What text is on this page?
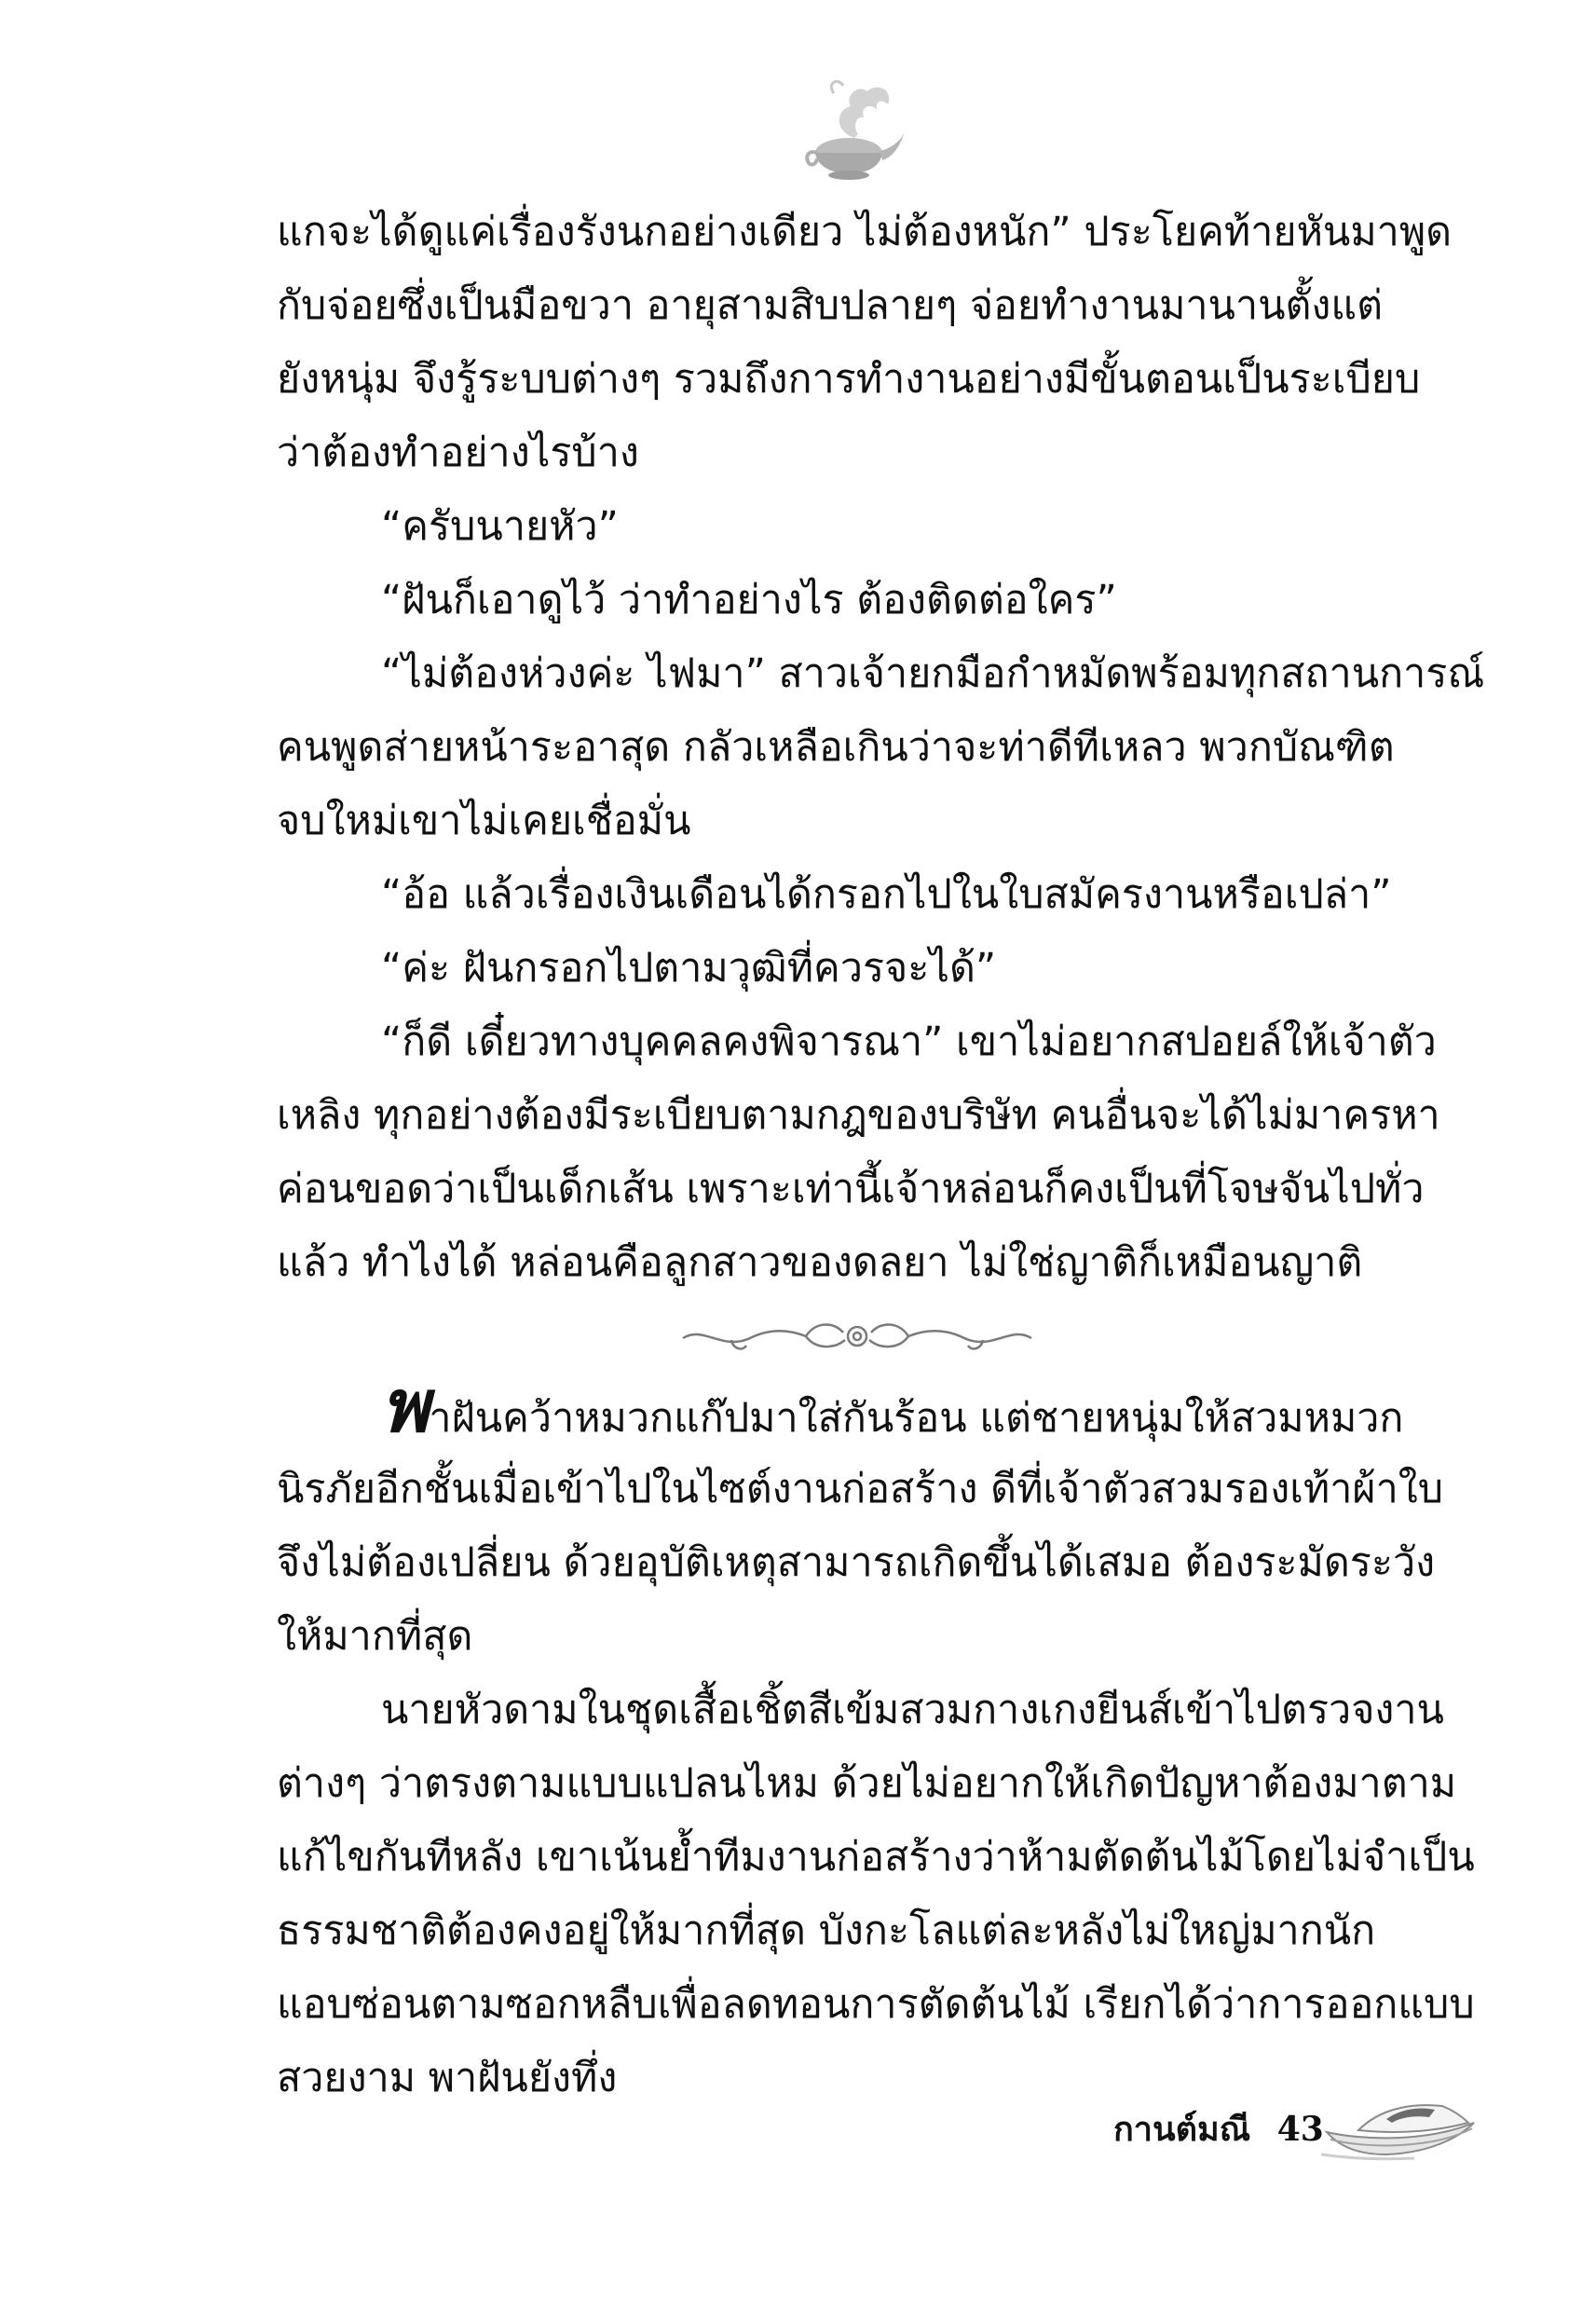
แกจะได้ดูแค่เรื่องรังนกอย่างเดียว ไม่ต้องหนัก” ประโยคท้ายหันมาพูด
กับจ่อยซึ่งเป็นมือขวา อายุสามสิบปลายๆ จ่อยทำงานมานานตั้งแต่
ยังหนุ่ม จึงรู้ระบบต่างๆ รวมถึงการทำงานอย่างมีขั้นตอนเป็นระเบียบ
ว่าต้องทำอย่างไรบ้าง
“ครับนายหัว”
“ฝันก็เอาดูไว้ ว่าทำอย่างไร ต้องติดต่อใคร”
“ไม่ต้องห่วงค่ะ ไฟมา” สาวเจ้ายกมือกำหมัดพร้อมทุกสถานการณ์
คนพูดส่ายหน้าระอาสุด กลัวเหลือเกินว่าจะท่าดีทีเหลว พวกบัณฑิต
จบใหม่เขาไม่เคยเชื่อมั่น
“อ้อ แล้วเรื่องเงินเดือนได้กรอกไปในใบสมัครงานหรือเปล่า”
“ค่ะ ฝันกรอกไปตามวุฒิที่ควรจะได้”
“ก็ดี เดี๋ยวทางบุคคลคงพิจารณา” เขาไม่อยากสปอยล์ให้เจ้าตัว
เหลิง ทุกอย่างต้องมีระเบียบตามกฎของบริษัท คนอื่นจะได้ไม่มาครหา
ค่อนขอดว่าเป็นเด็กเส้น เพราะเท่านี้เจ้าหล่อนก็คงเป็นที่โจษจันไปทั่ว
แล้ว ทำไงได้ หล่อนคือลูกสาวของดลยา ไม่ใช่ญาติก็เหมือนญาติ
พาฝันคว้าหมวกแก๊ปมาใส่กันร้อน แต่ชายหนุ่มให้สวมหมวก
นิรภัยอีกชั้นเมื่อเข้าไปในไซต์งานก่อสร้าง ดีที่เจ้าตัวสวมรองเท้าผ้าใบ
จึงไม่ต้องเปลี่ยน ด้วยอุบัติเหตุสามารถเกิดขึ้นได้เสมอ ต้องระมัดระวัง
ให้มากที่สุด
นายหัวดามในชุดเสื้อเชิ้ตสีเข้มสวมกางเกงยีนส์เข้าไปตรวจงาน
ต่างๆ ว่าตรงตามแบบแปลนไหม ด้วยไม่อยากให้เกิดปัญหาต้องมาตาม
แก้ไขกันทีหลัง เขาเน้นย้ำทีมงานก่อสร้างว่าห้ามตัดต้นไม้โดยไม่จำเป็น
ธรรมชาติต้องคงอยู่ให้มากที่สุด บังกะโลแต่ละหลังไม่ใหญ่มากนัก
แอบซ่อนตามซอกหลืบเพื่อลดทอนการตัดต้นไม้ เรียกได้ว่าการออกแบบ
สวยงาม พาฝันยังทึ่ง
กานต์มณี 43
